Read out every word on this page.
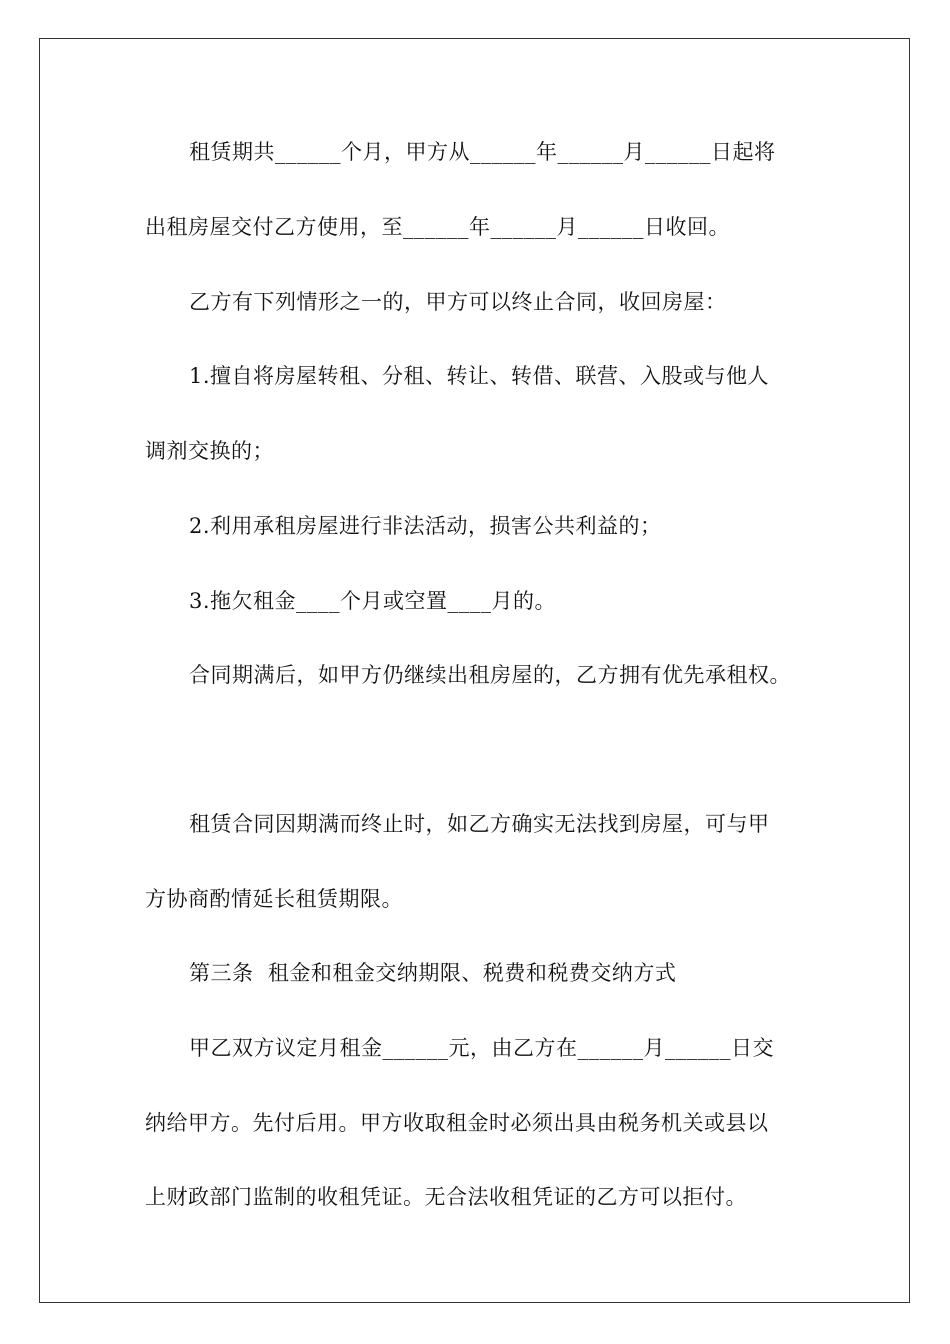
租赁期共______个月，甲方从______年______月______日起将
出租房屋交付乙方使用，至______年______月______日收回。
乙方有下列情形之一的，甲方可以终止合同，收回房屋：
1.擅自将房屋转租、分租、转让、转借、联营、入股或与他人
调剂交换的；
2.利用承租房屋进行非法活动，损害公共利益的；
3.拖欠租金____个月或空置____月的。
合同期满后，如甲方仍继续出租房屋的，乙方拥有优先承租权。
租赁合同因期满而终止时，如乙方确实无法找到房屋，可与甲
方协商酌情延长租赁期限。
第三条  租金和租金交纳期限、税费和税费交纳方式
甲乙双方议定月租金______元，由乙方在______月______日交
纳给甲方。先付后用。甲方收取租金时必须出具由税务机关或县以
上财政部门监制的收租凭证。无合法收租凭证的乙方可以拒付。
